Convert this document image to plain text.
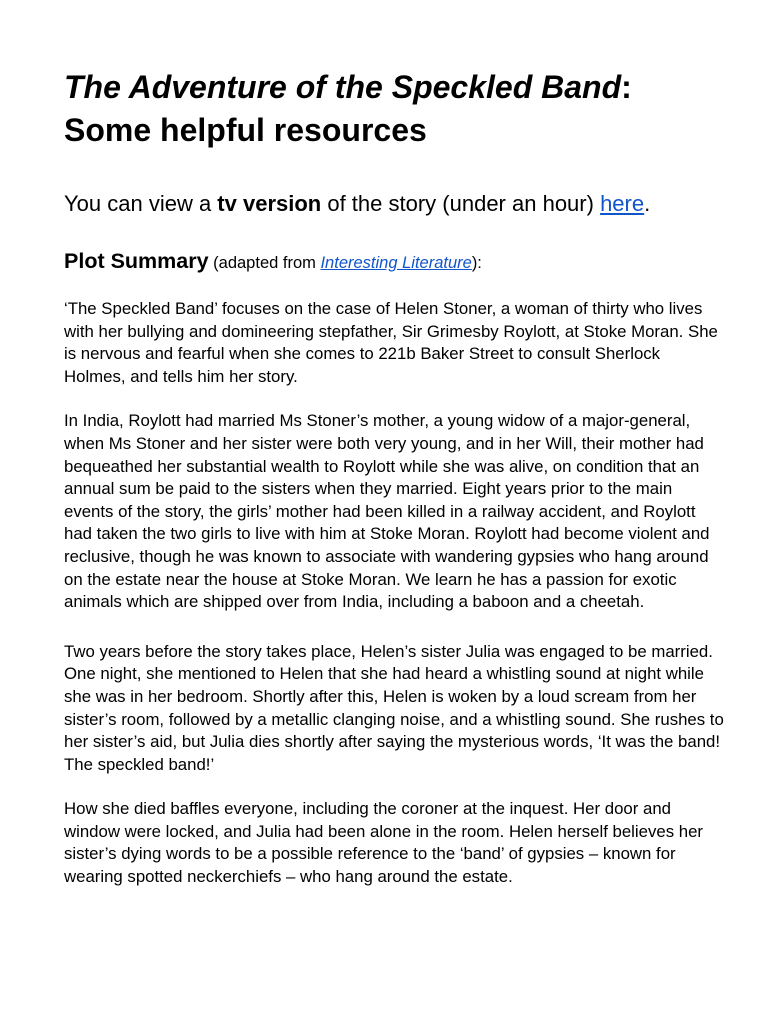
The Adventure of the Speckled Band:
Some helpful resources

You can view a tv version of the story (under an hour) here.

Plot Summary (adapted from Interesting Literature):

‘The Speckled Band’ focuses on the case of Helen Stoner, a woman of thirty who lives with her bullying and domineering stepfather, Sir Grimesby Roylott, at Stoke Moran. She is nervous and fearful when she comes to 221b Baker Street to consult Sherlock Holmes, and tells him her story.

In India, Roylott had married Ms Stoner’s mother, a young widow of a major-general, when Ms Stoner and her sister were both very young, and in her Will, their mother had bequeathed her substantial wealth to Roylott while she was alive, on condition that an annual sum be paid to the sisters when they married. Eight years prior to the main events of the story, the girls’ mother had been killed in a railway accident, and Roylott had taken the two girls to live with him at Stoke Moran. Roylott had become violent and reclusive, though he was known to associate with wandering gypsies who hang around on the estate near the house at Stoke Moran. We learn he has a passion for exotic animals which are shipped over from India, including a baboon and a cheetah.

Two years before the story takes place, Helen’s sister Julia was engaged to be married. One night, she mentioned to Helen that she had heard a whistling sound at night while she was in her bedroom. Shortly after this, Helen is woken by a loud scream from her sister’s room, followed by a metallic clanging noise, and a whistling sound. She rushes to her sister’s aid, but Julia dies shortly after saying the mysterious words, ‘It was the band! The speckled band!’

How she died baffles everyone, including the coroner at the inquest. Her door and window were locked, and Julia had been alone in the room. Helen herself believes her sister’s dying words to be a possible reference to the ‘band’ of gypsies – known for wearing spotted neckerchiefs – who hang around the estate.
